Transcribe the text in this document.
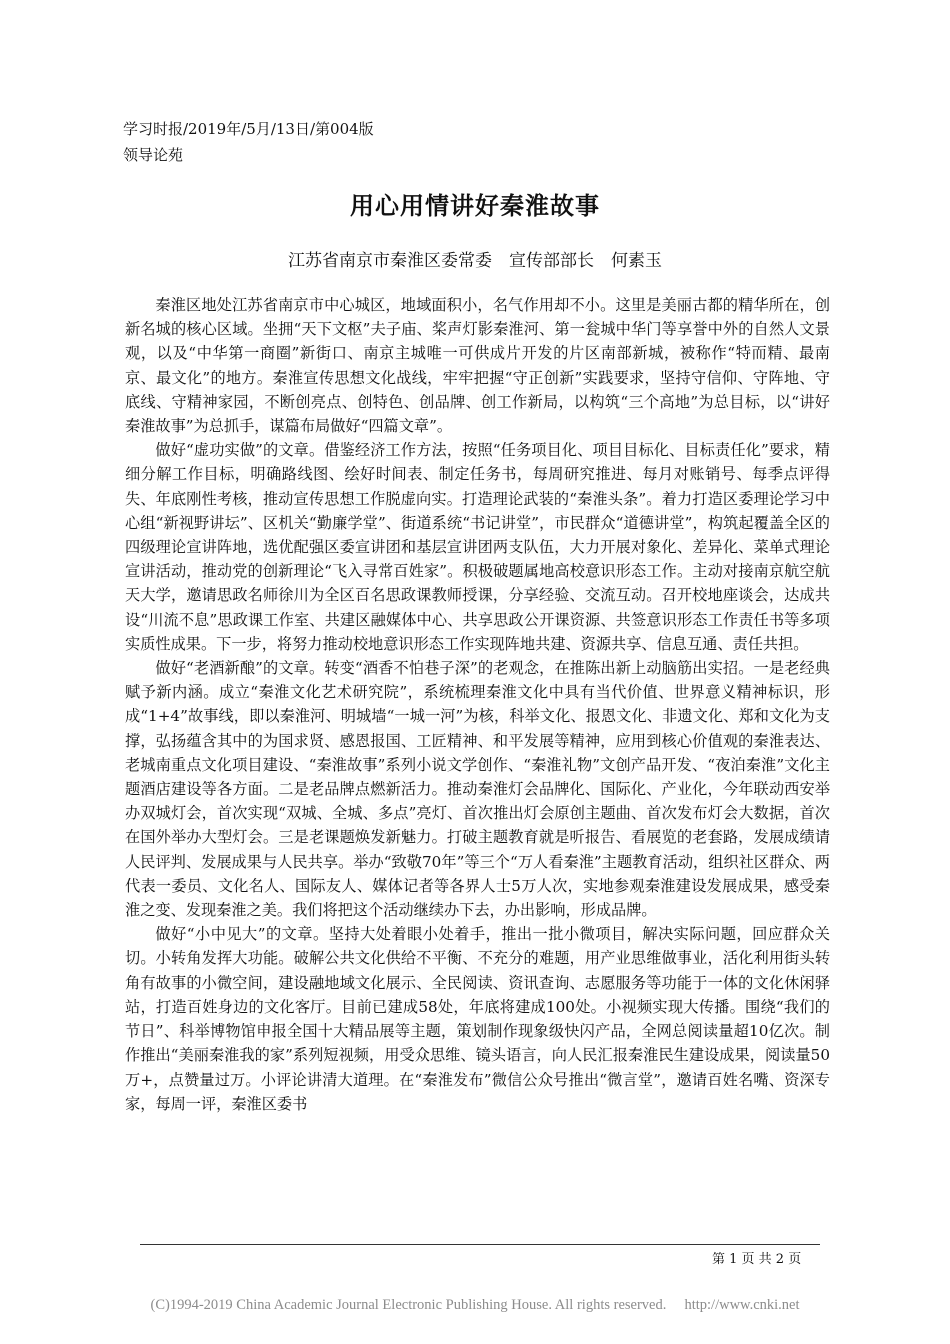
学习时报/2019年/5月/13日/第004版
领导论苑
用心用情讲好秦淮故事
江苏省南京市秦淮区委常委　宣传部部长　何素玉

秦淮区地处江苏省南京市中心城区，地域面积小，名气作用却不小。这里是美丽古都的精华所在，创新名城的核心区域。坐拥“天下文枢”夫子庙、桨声灯影秦淮河、第一瓮城中华门等享誉中外的自然人文景观，以及“中华第一商圈”新街口、南京主城唯一可供成片开发的片区南部新城，被称作“特而精、最南京、最文化”的地方。秦淮宣传思想文化战线，牢牢把握“守正创新”实践要求，坚持守信仰、守阵地、守底线、守精神家园，不断创亮点、创特色、创品牌、创工作新局，以构筑“三个高地”为总目标，以“讲好秦淮故事”为总抓手，谋篇布局做好“四篇文章”。

做好“虚功实做”的文章。借鉴经济工作方法，按照“任务项目化、项目目标化、目标责任化”要求，精细分解工作目标，明确路线图、绘好时间表、制定任务书，每周研究推进、每月对账销号、每季点评得失、年底刚性考核，推动宣传思想工作脱虚向实。打造理论武装的“秦淮头条”。着力打造区委理论学习中心组“新视野讲坛”、区机关“勤廉学堂”、街道系统“书记讲堂”，市民群众“道德讲堂”，构筑起覆盖全区的四级理论宣讲阵地，选优配强区委宣讲团和基层宣讲团两支队伍，大力开展对象化、差异化、菜单式理论宣讲活动，推动党的创新理论“飞入寻常百姓家”。积极破题属地高校意识形态工作。主动对接南京航空航天大学，邀请思政名师徐川为全区百名思政课教师授课，分享经验、交流互动。召开校地座谈会，达成共设“川流不息”思政课工作室、共建区融媒体中心、共享思政公开课资源、共签意识形态工作责任书等多项实质性成果。下一步，将努力推动校地意识形态工作实现阵地共建、资源共享、信息互通、责任共担。

做好“老酒新酿”的文章。转变“酒香不怕巷子深”的老观念，在推陈出新上动脑筋出实招。一是老经典赋予新内涵。成立“秦淮文化艺术研究院”，系统梳理秦淮文化中具有当代价值、世界意义精神标识，形成“1+4”故事线，即以秦淮河、明城墙“一城一河”为核，科举文化、报恩文化、非遗文化、郑和文化为支撑，弘扬蕴含其中的为国求贤、感恩报国、工匠精神、和平发展等精神，应用到核心价值观的秦淮表达、老城南重点文化项目建设、“秦淮故事”系列小说文学创作、“秦淮礼物”文创产品开发、“夜泊秦淮”文化主题酒店建设等各方面。二是老品牌点燃新活力。推动秦淮灯会品牌化、国际化、产业化，今年联动西安举办双城灯会，首次实现“双城、全城、多点”亮灯、首次推出灯会原创主题曲、首次发布灯会大数据，首次在国外举办大型灯会。三是老课题焕发新魅力。打破主题教育就是听报告、看展览的老套路，发展成绩请人民评判、发展成果与人民共享。举办“致敬70年”等三个“万人看秦淮”主题教育活动，组织社区群众、两代表一委员、文化名人、国际友人、媒体记者等各界人士5万人次，实地参观秦淮建设发展成果，感受秦淮之变、发现秦淮之美。我们将把这个活动继续办下去，办出影响，形成品牌。

做好“小中见大”的文章。坚持大处着眼小处着手，推出一批小微项目，解决实际问题，回应群众关切。小转角发挥大功能。破解公共文化供给不平衡、不充分的难题，用产业思维做事业，活化利用街头转角有故事的小微空间，建设融地域文化展示、全民阅读、资讯查询、志愿服务等功能于一体的文化休闲驿站，打造百姓身边的文化客厅。目前已建成58处，年底将建成100处。小视频实现大传播。围绕“我们的节日”、科举博物馆申报全国十大精品展等主题，策划制作现象级快闪产品，全网总阅读量超10亿次。制作推出“美丽秦淮我的家”系列短视频，用受众思维、镜头语言，向人民汇报秦淮民生建设成果，阅读量50万+，点赞量过万。小评论讲清大道理。在“秦淮发布”微信公众号推出“微言堂”，邀请百姓名嘴、资深专家，每周一评，秦淮区委书

第 1 页 共 2 页
(C)1994-2019 China Academic Journal Electronic Publishing House. All rights reserved.     http://www.cnki.net
